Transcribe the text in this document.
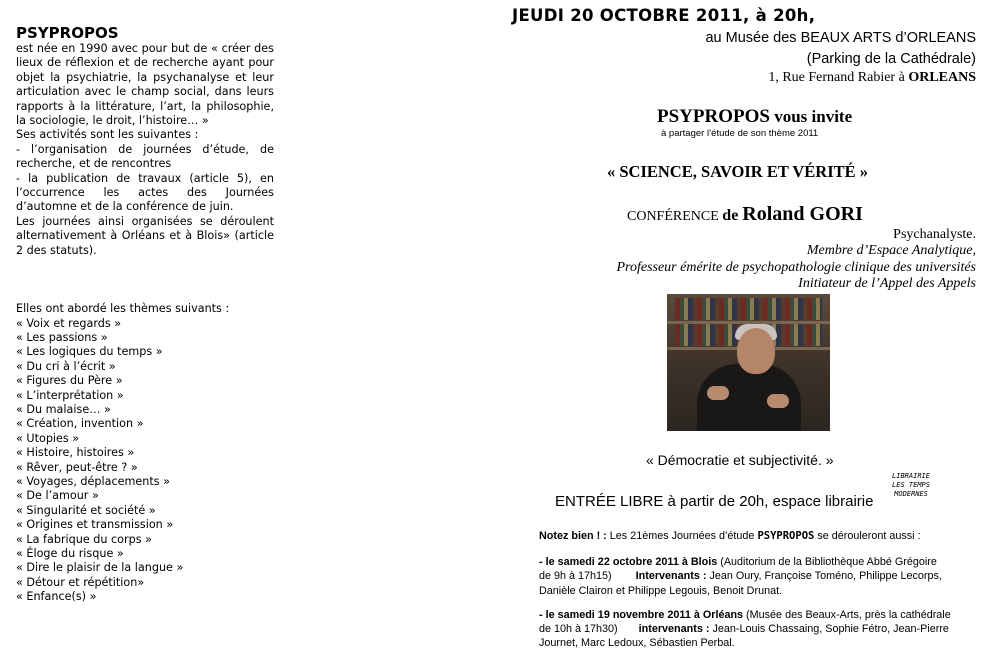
PSYPROPOS

est née en 1990 avec pour but de « créer des lieux de réflexion et de recherche ayant pour objet la psychiatrie, la psychanalyse et leur articulation avec le champ social, dans leurs rapports à la littérature, l’art, la philosophie, la sociologie, le droit, l’histoire… »

Ses activités sont les suivantes :

- l’organisation de journées d’étude, de recherche, et de rencontres

- la publication de travaux (article 5), en l’occurrence les actes des Journées d’automne et de la conférence de juin.

Les journées ainsi organisées se déroulent alternativement à Orléans et à Blois» (article 2 des statuts).

Elles ont abordé les thèmes suivants :
« Voix et regards »
« Les passions »
« Les logiques du temps »
« Du cri à l’écrit »
« Figures du Père »
« L’interprétation »
« Du malaise… »
« Création, invention »
« Utopies »
« Histoire, histoires »
« Rêver, peut-être ? »
« Voyages, déplacements »
« De l’amour »
« Singularité et société »
« Origines et transmission »
« La fabrique du corps »
« Éloge du risque »
« Dire le plaisir de la langue »
« Détour et répétition»
« Enfance(s) »
JEUDI 20 OCTOBRE 2011, à 20h,
au Musée des BEAUX ARTS d’ORLEANS
(Parking de la Cathédrale)
1, Rue Fernand Rabier à ORLEANS
PSYPROPOS vous invite
à partager l’étude de son thème 2011
« SCIENCE, SAVOIR ET VÉRITÉ »
CONFÉRENCE de Roland GORI
Psychanalyste.
Membre d’Espace Analytique,
Professeur émérite de psychopathologie clinique des universités
Initiateur de l’Appel des Appels
« Démocratie et subjectivité. »
ENTRÉE LIBRE à partir de 20h, espace librairie
LIBRAIRIE
LES TEMPS
MODERNES

Notez bien ! : Les 21èmes Journées d’étude PSYPROPOS se dérouleront aussi :

- le samedi 22 octobre 2011 à Blois (Auditorium de la Bibliothèque Abbé Grégoire
de 9h à 17h15) Intervenants : Jean Oury, Françoise Toméno, Philippe Lecorps, Danièle Clairon et Philippe Legouis, Benoit Drunat.

- le samedi 19 novembre 2011 à Orléans (Musée des Beaux-Arts, près la cathédrale
de 10h à 17h30) intervenants : Jean-Louis Chassaing, Sophie Fétro, Jean-Pierre Journet, Marc Ledoux, Sébastien Perbal.
